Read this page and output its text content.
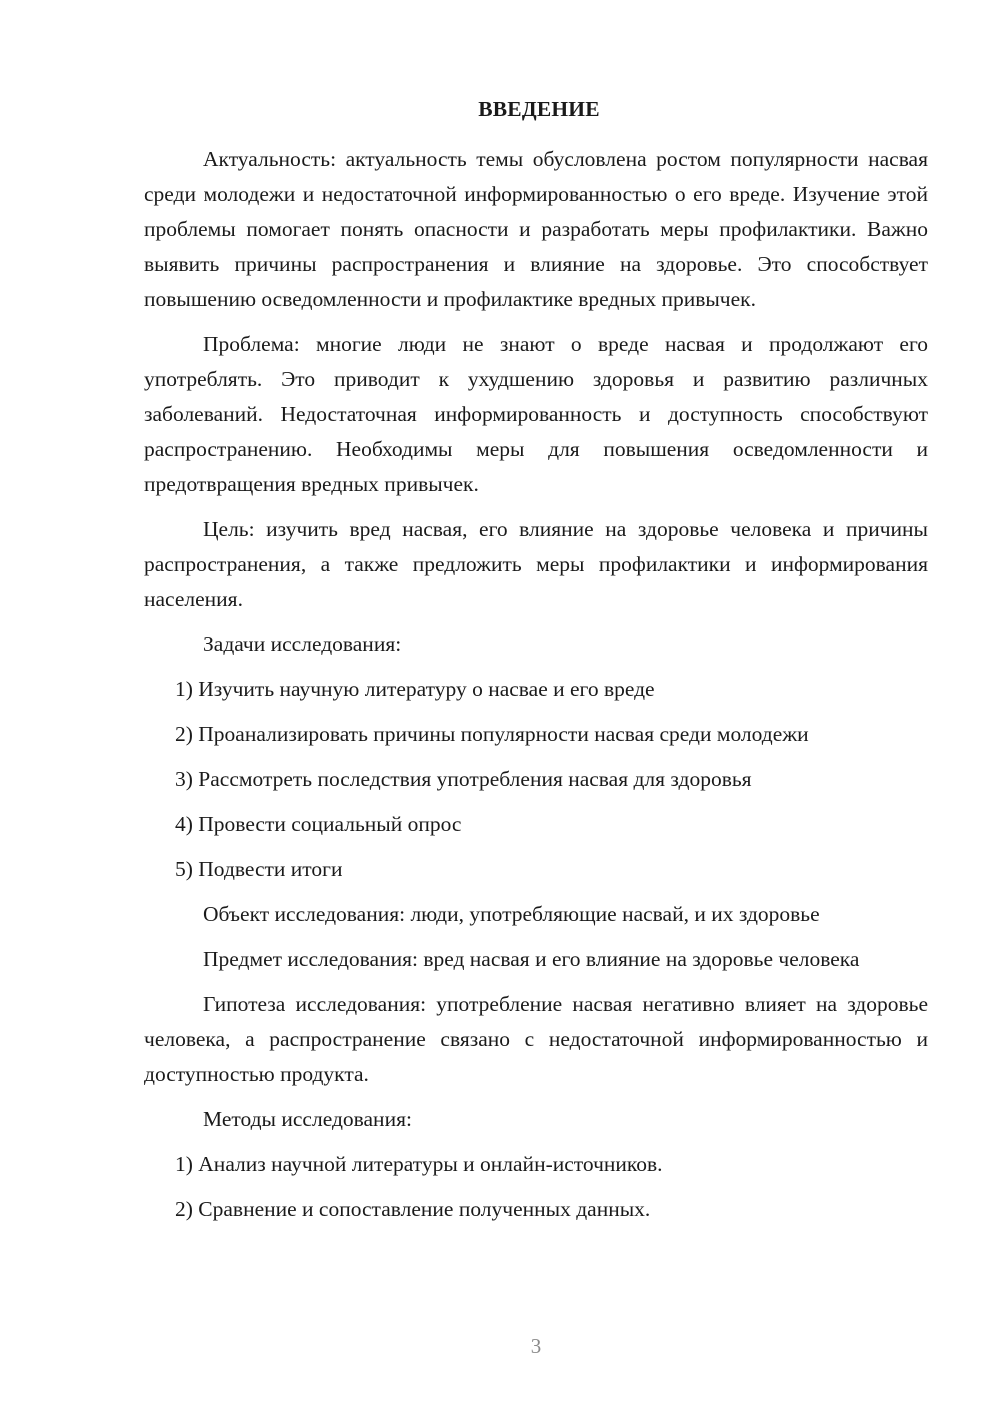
ВВЕДЕНИЕ

Актуальность: актуальность темы обусловлена ростом популярности насвая среди молодежи и недостаточной информированностью о его вреде. Изучение этой проблемы помогает понять опасности и разработать меры профилактики. Важно выявить причины распространения и влияние на здоровье. Это способствует повышению осведомленности и профилактике вредных привычек.

Проблема: многие люди не знают о вреде насвая и продолжают его употреблять. Это приводит к ухудшению здоровья и развитию различных заболеваний. Недостаточная информированность и доступность способствуют распространению. Необходимы меры для повышения осведомленности и предотвращения вредных привычек.

Цель: изучить вред насвая, его влияние на здоровье человека и причины распространения, а также предложить меры профилактики и информирования населения.

Задачи исследования:

1) Изучить научную литературу о насвае и его вреде

2) Проанализировать причины популярности насвая среди молодежи

3) Рассмотреть последствия употребления насвая для здоровья

4) Провести социальный опрос

5) Подвести итоги

Объект исследования: люди, употребляющие насвай, и их здоровье

Предмет исследования: вред насвая и его влияние на здоровье человека

Гипотеза исследования: употребление насвая негативно влияет на здоровье человека, а распространение связано с недостаточной информированностью и доступностью продукта.

Методы исследования:

1) Анализ научной литературы и онлайн-источников.

2) Сравнение и сопоставление полученных данных.

3
